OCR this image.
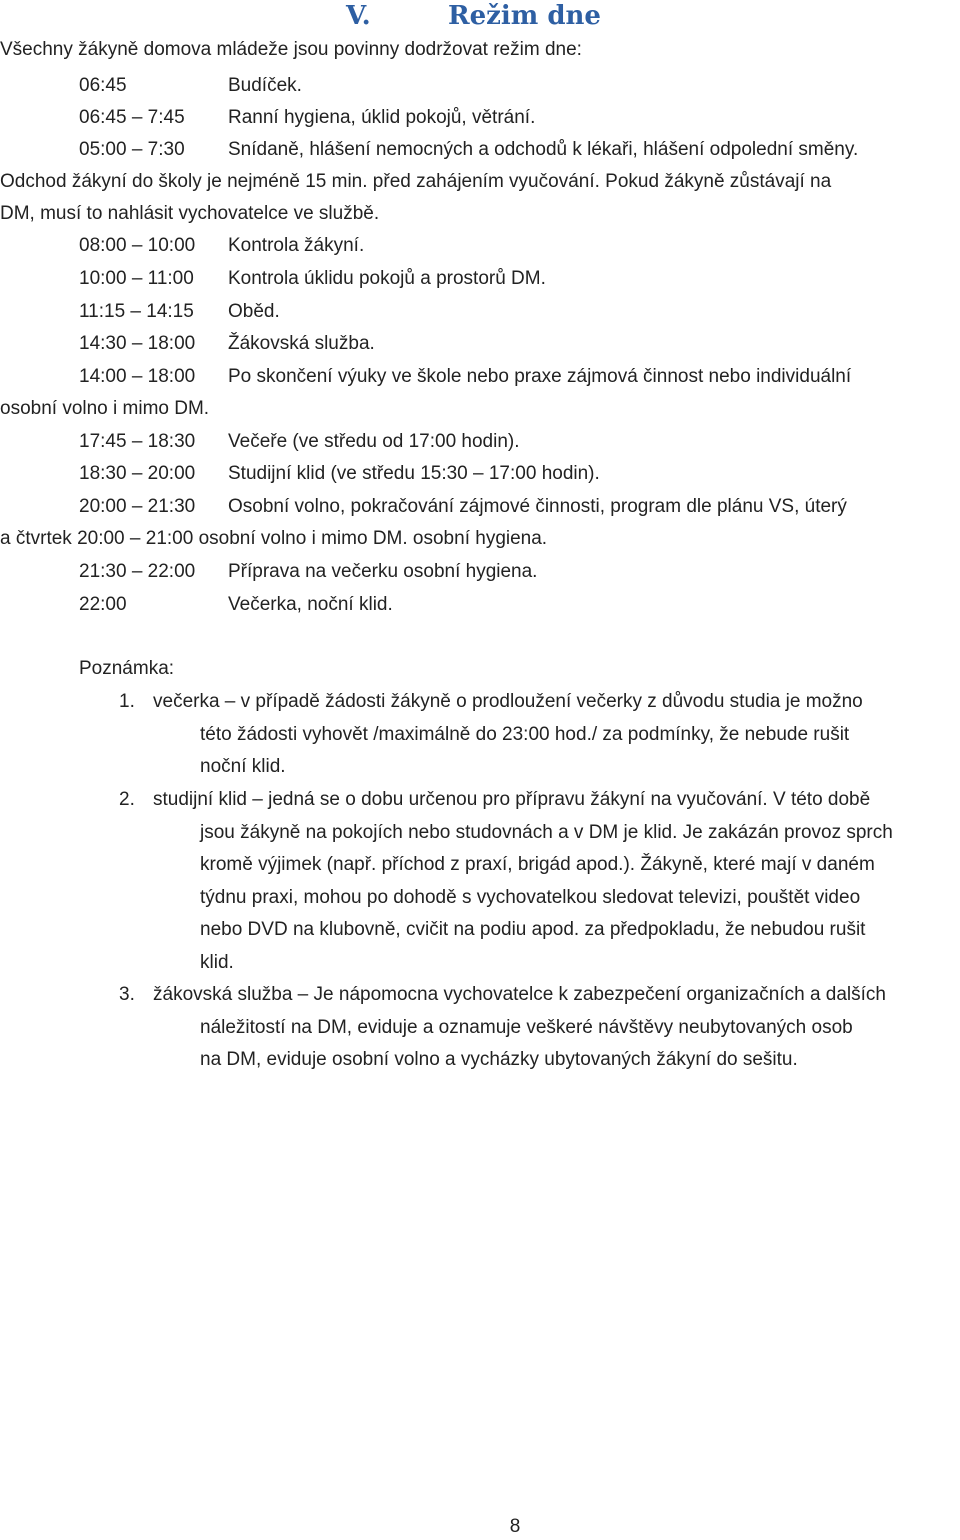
V.	Režim dne
Všechny žákyně domova mládeže jsou povinny dodržovat režim dne:
06:45	Budíček.
06:45 – 7:45 Ranní hygiena, úklid pokojů, větrání.
05:00 – 7:30 Snídaně, hlášení nemocných a odchodů k lékaři, hlášení odpolední směny.
Odchod žákyní do školy je nejméně 15 min. před zahájením vyučování. Pokud žákyně zůstávají na
DM, musí to nahlásit vychovatelce ve službě.
08:00 – 10:00 Kontrola žákyní.
10:00 – 11:00 Kontrola úklidu pokojů a prostorů DM.
11:15 – 14:15 Oběd.
14:30 – 18:00 Žákovská služba.
14:00 – 18:00 Po skončení výuky ve škole nebo praxe zájmová činnost nebo individuální
osobní volno i mimo DM.
17:45 – 18:30 Večeře (ve středu od 17:00 hodin).
18:30 – 20:00 Studijní klid (ve středu 15:30 – 17:00 hodin).
20:00 – 21:30 Osobní volno, pokračování zájmové činnosti, program dle plánu VS, úterý
a čtvrtek 20:00 – 21:00 osobní volno i mimo DM. osobní hygiena.
21:30 – 22:00 Příprava na večerku osobní hygiena.
22:00	Večerka, noční klid.
Poznámka:
1. večerka – v případě žádosti žákyně o prodloužení večerky z důvodu studia je možno
této žádosti vyhovět /maximálně do 23:00 hod./ za podmínky, že nebude rušit
noční klid.
2. studijní klid – jedná se o dobu určenou pro přípravu žákyní na vyučování. V této době
jsou žákyně na pokojích nebo studovnách a v DM je klid. Je zakázán provoz sprch
kromě výjimek (např. příchod z praxí, brigád apod.). Žákyně, které mají v daném
týdnu praxi, mohou po dohodě s vychovatelkou sledovat televizi, pouštět video
nebo DVD na klubovně, cvičit na podiu apod. za předpokladu, že nebudou rušit
klid.
3. žákovská služba – Je nápomocna vychovatelce k zabezpečení organizačních a dalších
náležitostí na DM, eviduje a oznamuje veškeré návštěvy neubytovaných osob
na DM, eviduje osobní volno a vycházky ubytovaných žákyní do sešitu.
8
